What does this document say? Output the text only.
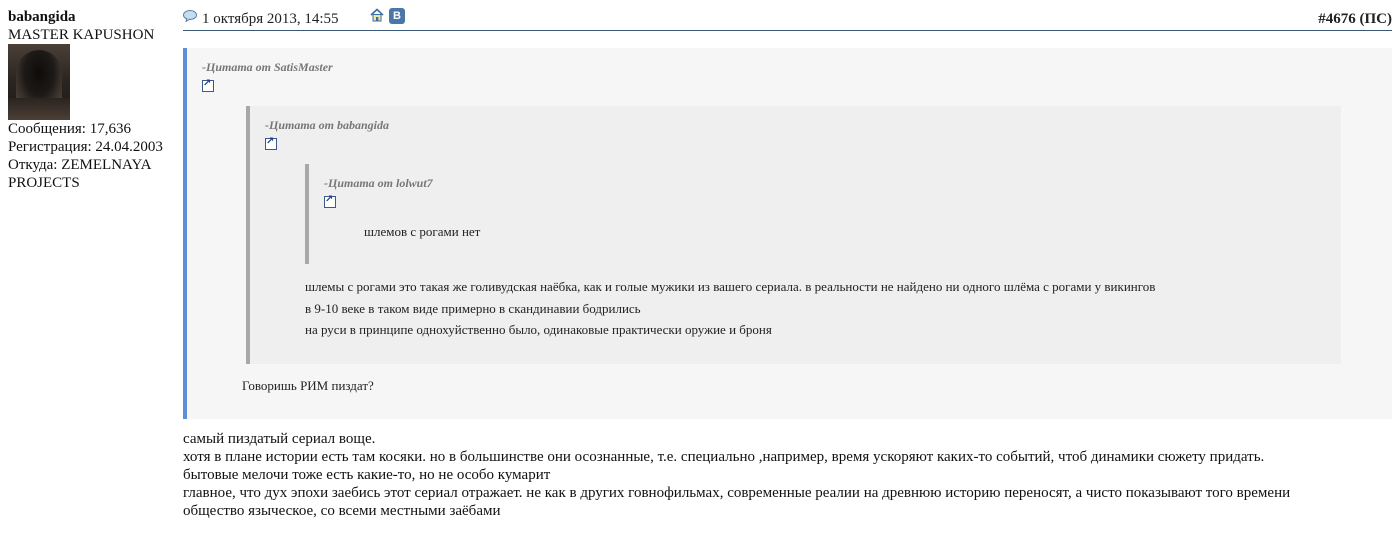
babangida
MASTER KAPUSHON
Сообщения: 17,636
Регистрация: 24.04.2003
Откуда: ZEMELNAYA
PROJECTS
1 октября 2013, 14:55	В	#4676 (ПС)
-Цитата от SatisMaster
↗
-Цитата от babangida
↗
-Цитата от lolwut7
↗
шлемов с рогами нет
шлемы с рогами это такая же голивудская наёбка, как и голые мужики из вашего сериала. в реальности не найдено ни одного шлёма с рогами у викингов
в 9-10 веке в таком виде примерно в скандинавии бодрились
на руси в принципе однохуйственно было, одинаковые практически оружие и броня
Говоришь РИМ пиздат?
самый пиздатый сериал воще.
хотя в плане истории есть там косяки. но в большинстве они осознанные, т.е. специально ,например, время ускоряют каких-то событий, чтоб динамики сюжету придать.
бытовые мелочи тоже есть какие-то, но не особо кумарит
главное, что дух эпохи заебись этот сериал отражает. не как в других говнофильмах, современные реалии на древнюю историю переносят, а чисто показывают того времени
общество языческое, со всеми местными заёбами
